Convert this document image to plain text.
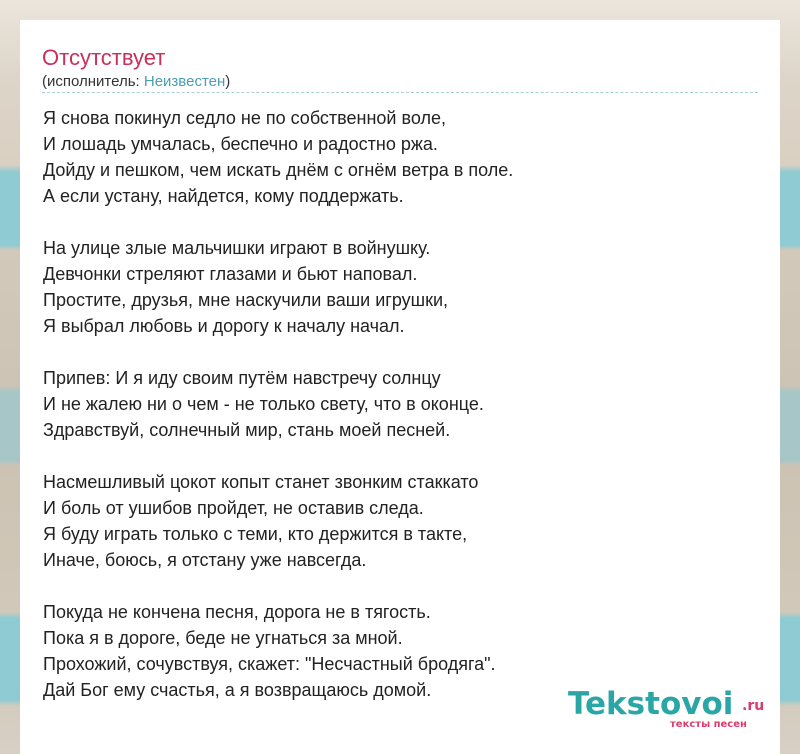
Отсутствует
(исполнитель: Неизвестен)
Я снова покинул седло не по собственной воле,
И лошадь умчалась, беспечно и радостно ржа.
Дойду и пешком, чем искать днём с огнём ветра в поле.
А если устану, найдется, кому поддержать.
На улице злые мальчишки играют в войнушку.
Девчонки стреляют глазами и бьют наповал.
Простите, друзья, мне наскучили ваши игрушки,
Я выбрал любовь и дорогу к началу начал.
Припев: И я иду своим путём навстречу солнцу
И не жалею ни о чем - не только свету, что в оконце.
Здравствуй, солнечный мир, стань моей песней.
Насмешливый цокот копыт станет звонким стаккато
И боль от ушибов пройдет, не оставив следа.
Я буду играть только с теми, кто держится в такте,
Иначе, боюсь, я отстану уже навсегда.
Покуда не кончена песня, дорога не в тягость.
Пока я в дороге, беде не угнаться за мной.
Прохожий, сочувствуя, скажет: "Несчастный бродяга".
Дай Бог ему счастья, а я возвращаюсь домой.	Tekstovoi .ru
тексты песен
